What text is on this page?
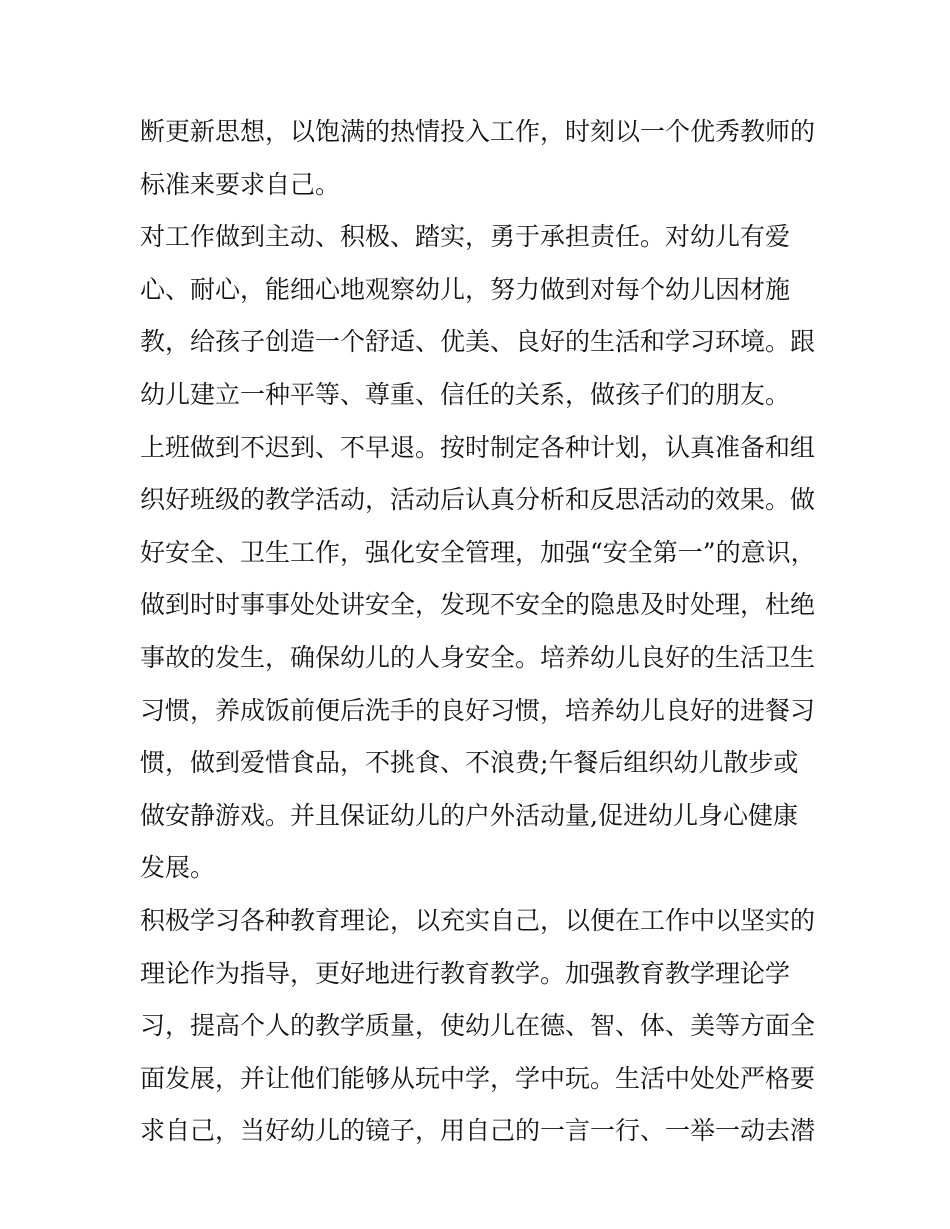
断更新思想，以饱满的热情投入工作，时刻以一个优秀教师的
标准来要求自己。
对工作做到主动、积极、踏实，勇于承担责任。对幼儿有爱
心、耐心，能细心地观察幼儿，努力做到对每个幼儿因材施
教，给孩子创造一个舒适、优美、良好的生活和学习环境。跟
幼儿建立一种平等、尊重、信任的关系，做孩子们的朋友。
上班做到不迟到、不早退。按时制定各种计划，认真准备和组
织好班级的教学活动，活动后认真分析和反思活动的效果。做
好安全、卫生工作，强化安全管理，加强“安全第一”的意识，
做到时时事事处处讲安全，发现不安全的隐患及时处理，杜绝
事故的发生，确保幼儿的人身安全。培养幼儿良好的生活卫生
习惯，养成饭前便后洗手的良好习惯，培养幼儿良好的进餐习
惯，做到爱惜食品，不挑食、不浪费;午餐后组织幼儿散步或
做安静游戏。并且保证幼儿的户外活动量,促进幼儿身心健康
发展。
积极学习各种教育理论，以充实自己，以便在工作中以坚实的
理论作为指导，更好地进行教育教学。加强教育教学理论学
习，提高个人的教学质量，使幼儿在德、智、体、美等方面全
面发展，并让他们能够从玩中学，学中玩。生活中处处严格要
求自己，当好幼儿的镜子，用自己的一言一行、一举一动去潜
